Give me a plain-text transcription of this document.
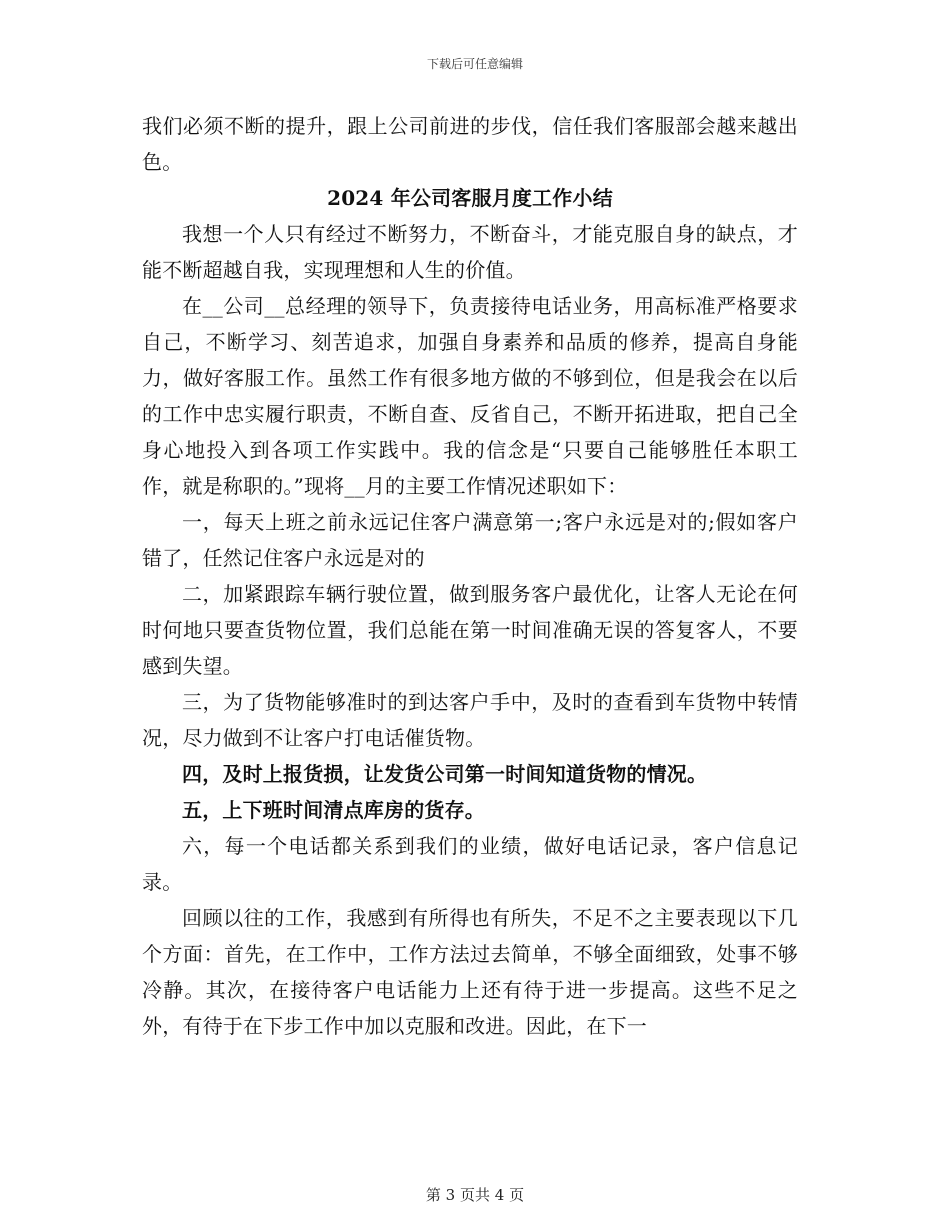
下载后可任意编辑

我们必须不断的提升，跟上公司前进的步伐，信任我们客服部会越来越出色。

2024 年公司客服月度工作小结

我想一个人只有经过不断努力，不断奋斗，才能克服自身的缺点，才能不断超越自我，实现理想和人生的价值。

在__公司__总经理的领导下，负责接待电话业务，用高标准严格要求自己，不断学习、刻苦追求，加强自身素养和品质的修养，提高自身能力，做好客服工作。虽然工作有很多地方做的不够到位，但是我会在以后的工作中忠实履行职责，不断自查、反省自己，不断开拓进取，把自己全身心地投入到各项工作实践中。我的信念是“只要自己能够胜任本职工作，就是称职的。”现将__月的主要工作情况述职如下：

一，每天上班之前永远记住客户满意第一;客户永远是对的;假如客户错了，任然记住客户永远是对的

二，加紧跟踪车辆行驶位置，做到服务客户最优化，让客人无论在何时何地只要查货物位置，我们总能在第一时间准确无误的答复客人，不要感到失望。

三，为了货物能够准时的到达客户手中，及时的查看到车货物中转情况，尽力做到不让客户打电话催货物。

四，及时上报货损，让发货公司第一时间知道货物的情况。

五，上下班时间清点库房的货存。

六，每一个电话都关系到我们的业绩，做好电话记录，客户信息记录。

回顾以往的工作，我感到有所得也有所失，不足不之主要表现以下几个方面：首先，在工作中，工作方法过去简单，不够全面细致，处事不够冷静。其次，在接待客户电话能力上还有待于进一步提高。这些不足之外，有待于在下步工作中加以克服和改进。因此，在下一

第 3 页共 4 页
